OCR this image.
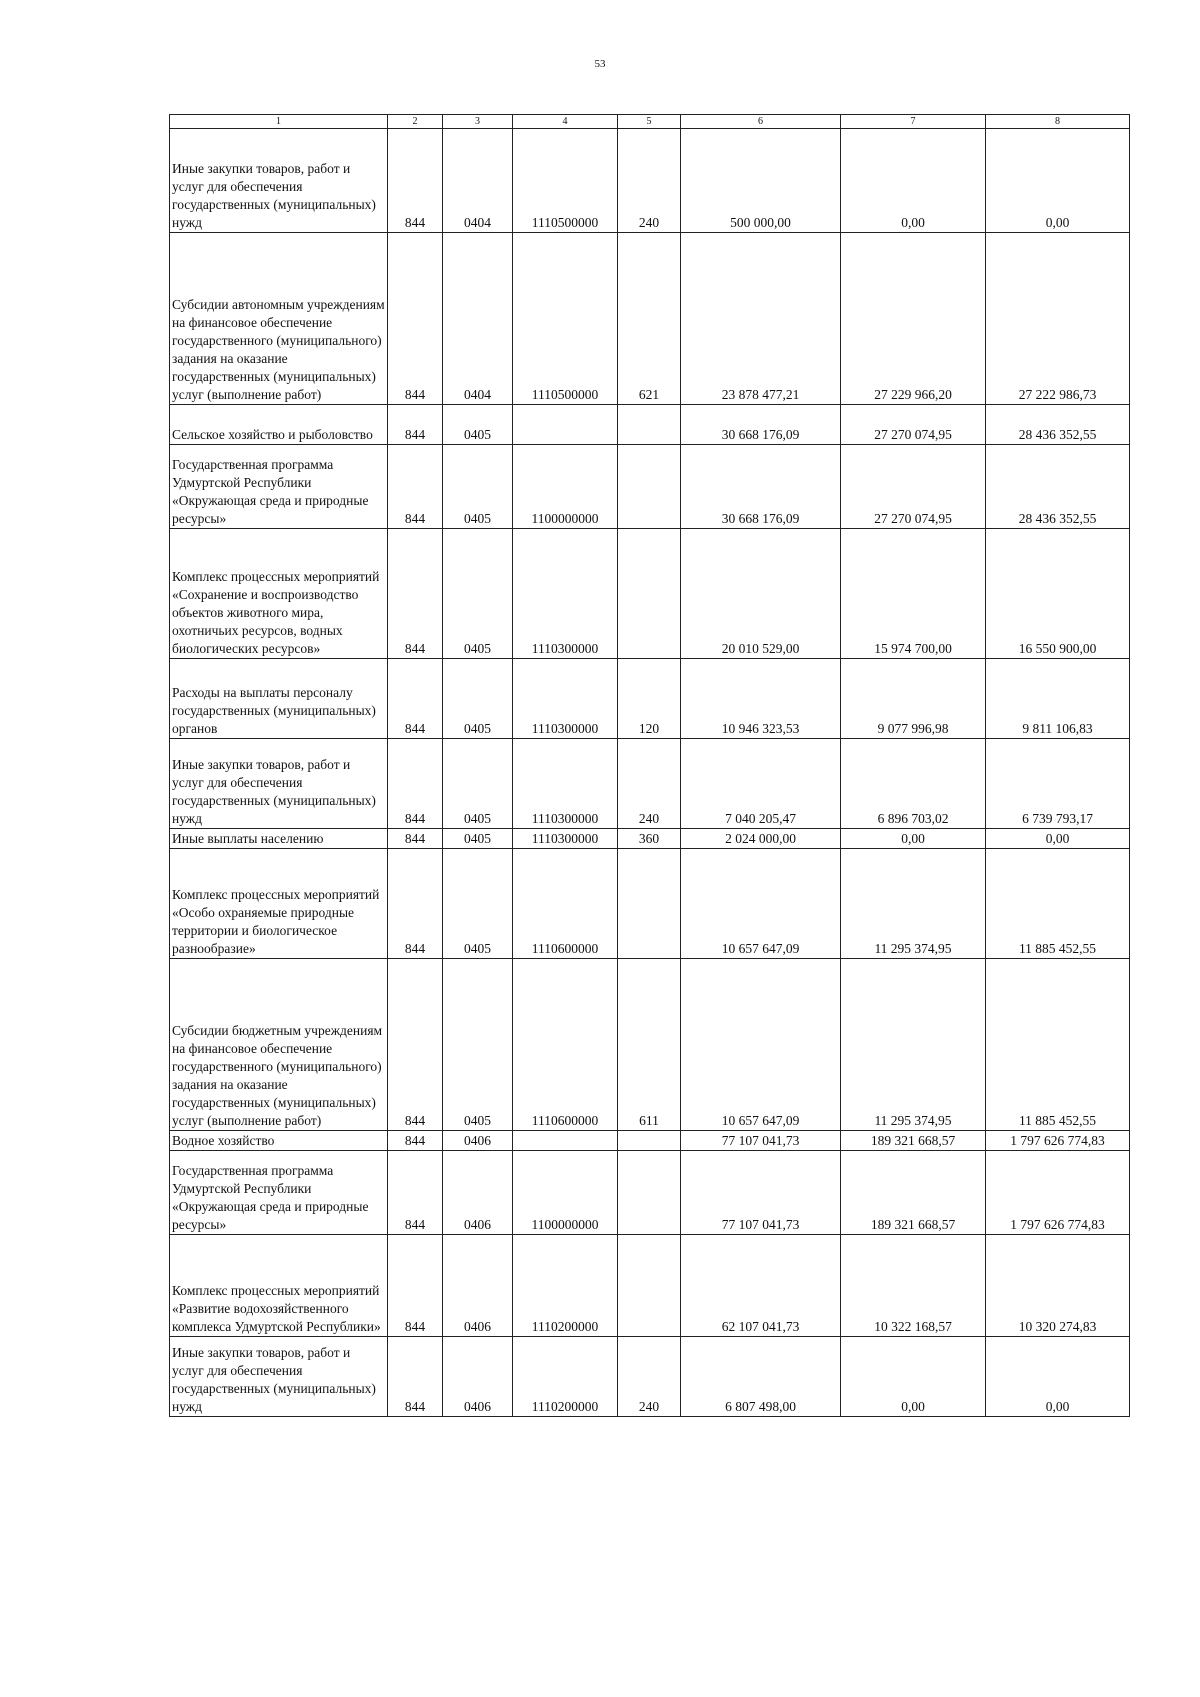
53
1	2	3	4	5	6	7	8
Иные закупки товаров, работ и услуг для обеспечения государственных (муниципальных) нужд	844	0404	1110500000	240	500 000,00	0,00	0,00
Субсидии автономным учреждениям на финансовое обеспечение государственного (муниципального) задания на оказание государственных (муниципальных) услуг (выполнение работ)	844	0404	1110500000	621	23 878 477,21	27 229 966,20	27 222 986,73
Сельское хозяйство и рыболовство	844	0405			30 668 176,09	27 270 074,95	28 436 352,55
Государственная программа Удмуртской Республики «Окружающая среда и природные ресурсы»	844	0405	1100000000		30 668 176,09	27 270 074,95	28 436 352,55
Комплекс процессных мероприятий «Сохранение и воспроизводство объектов животного мира, охотничьих ресурсов, водных биологических ресурсов»	844	0405	1110300000		20 010 529,00	15 974 700,00	16 550 900,00
Расходы на выплаты персоналу государственных (муниципальных) органов	844	0405	1110300000	120	10 946 323,53	9 077 996,98	9 811 106,83
Иные закупки товаров, работ и услуг для обеспечения государственных (муниципальных) нужд	844	0405	1110300000	240	7 040 205,47	6 896 703,02	6 739 793,17
Иные выплаты населению	844	0405	1110300000	360	2 024 000,00	0,00	0,00
Комплекс процессных мероприятий «Особо охраняемые природные территории и биологическое разнообразие»	844	0405	1110600000		10 657 647,09	11 295 374,95	11 885 452,55
Субсидии бюджетным учреждениям на финансовое обеспечение государственного (муниципального) задания на оказание государственных (муниципальных) услуг (выполнение работ)	844	0405	1110600000	611	10 657 647,09	11 295 374,95	11 885 452,55
Водное хозяйство	844	0406			77 107 041,73	189 321 668,57	1 797 626 774,83
Государственная программа Удмуртской Республики «Окружающая среда и природные ресурсы»	844	0406	1100000000		77 107 041,73	189 321 668,57	1 797 626 774,83
Комплекс процессных мероприятий «Развитие водохозяйственного комплекса Удмуртской Республики»	844	0406	1110200000		62 107 041,73	10 322 168,57	10 320 274,83
Иные закупки товаров, работ и услуг для обеспечения государственных (муниципальных) нужд	844	0406	1110200000	240	6 807 498,00	0,00	0,00
